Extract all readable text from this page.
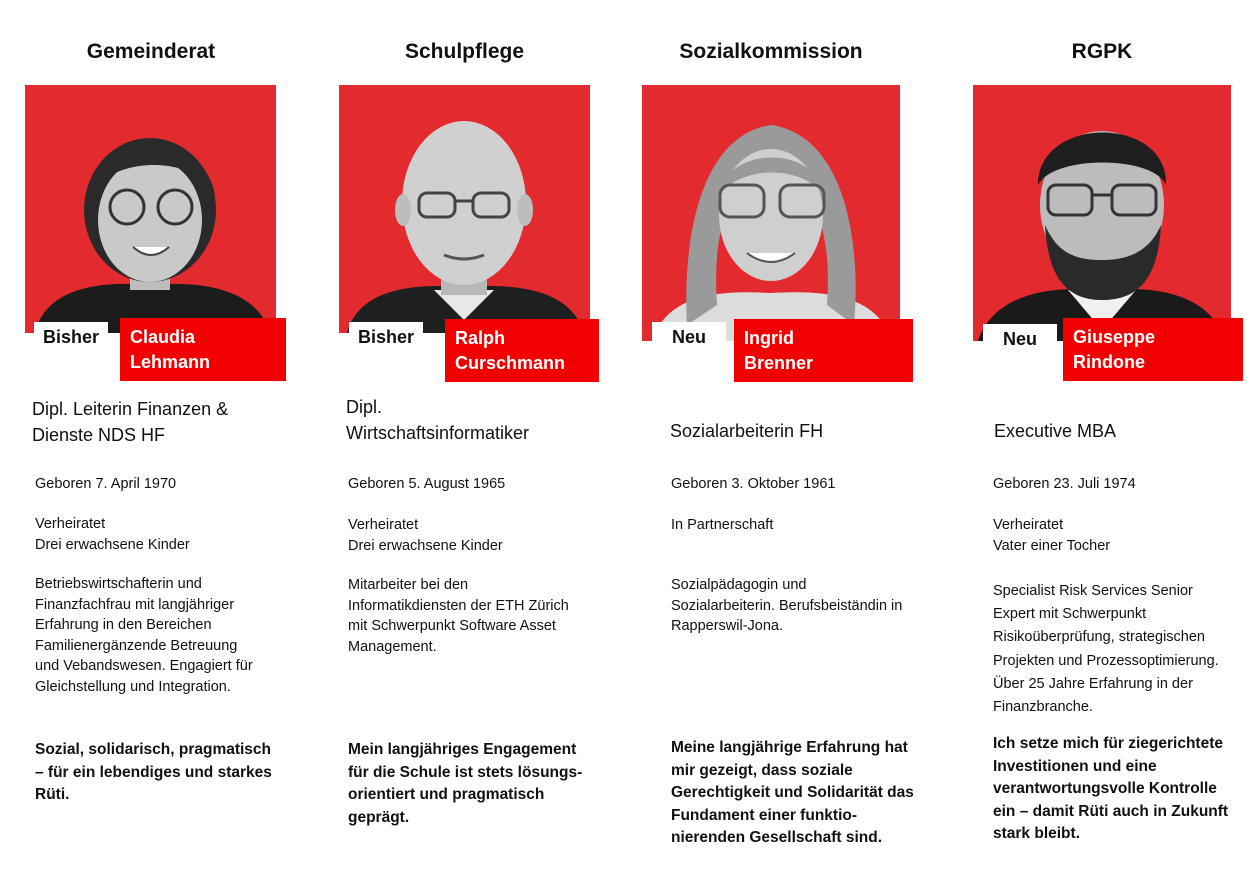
Gemeinderat
Bisher	Claudia
Lehmann
Dipl. Leiterin Finanzen &
Dienste NDS HF
Geboren 7. April 1970
Verheiratet
Drei erwachsene Kinder
Betriebswirtschafterin und
Finanzfachfrau mit langjähriger
Erfahrung in den Bereichen
Familienergänzende Betreuung
und Vebandswesen. Engagiert für
Gleichstellung und Integration.
Sozial, solidarisch, pragmatisch
– für ein lebendiges und starkes
Rüti.
Schulpflege
Bisher	Ralph
Curschmann
Dipl.
Wirtschaftsinformatiker
Geboren 5. August 1965
Verheiratet
Drei erwachsene Kinder
Mitarbeiter bei den
Informatikdiensten der ETH Zürich
mit Schwerpunkt Software Asset
Management.
Mein langjähriges Engagement
für die Schule ist stets lösungs-
orientiert und pragmatisch
geprägt.
Sozialkommission
Neu	Ingrid
Brenner
Sozialarbeiterin FH
Geboren 3. Oktober 1961
In Partnerschaft
Sozialpädagogin und
Sozialarbeiterin. Berufsbeiständin in
Rapperswil-Jona.
Meine langjährige Erfahrung hat
mir gezeigt, dass soziale
Gerechtigkeit und Solidarität das
Fundament einer funktio-
nierenden Gesellschaft sind.
RGPK
Neu	Giuseppe
Rindone
Executive MBA
Geboren 23. Juli 1974
Verheiratet
Vater einer Tocher
Specialist Risk Services Senior
Expert mit Schwerpunkt
Risikoüberprüfung, strategischen
Projekten und Prozessoptimierung.
Über 25 Jahre Erfahrung in der
Finanzbranche.
Ich setze mich für ziegerichtete
Investitionen und eine
verantwortungsvolle Kontrolle
ein – damit Rüti auch in Zukunft
stark bleibt.
